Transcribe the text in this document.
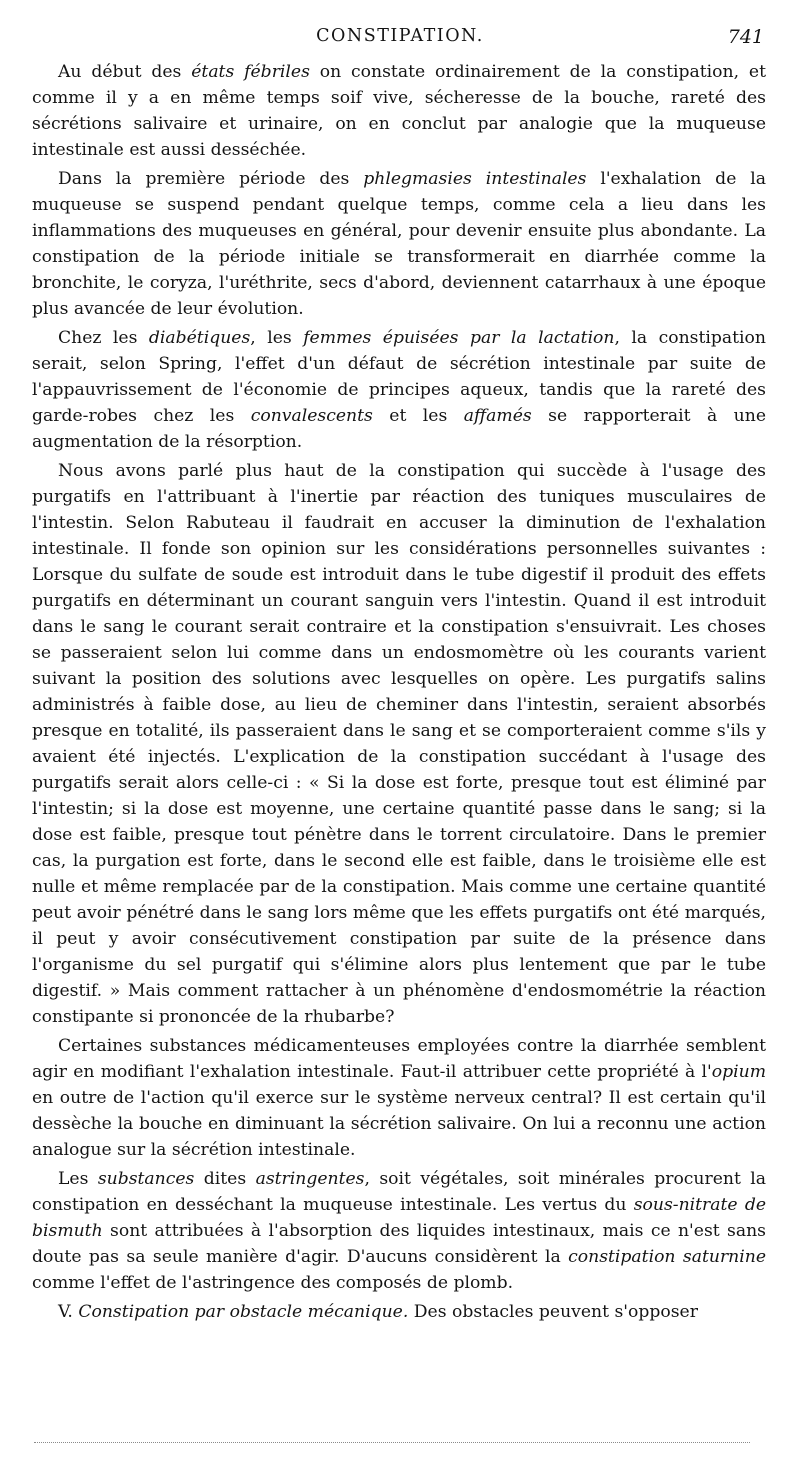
CONSTIPATION.	741

Au début des états fébriles on constate ordinairement de la constipation, et comme il y a en même temps soif vive, sécheresse de la bouche, rareté des sécrétions salivaire et urinaire, on en conclut par analogie que la muqueuse intestinale est aussi desséchée.

Dans la première période des phlegmasies intestinales l'exhalation de la muqueuse se suspend pendant quelque temps, comme cela a lieu dans les inflammations des muqueuses en général, pour devenir ensuite plus abondante. La constipation de la période initiale se transformerait en diarrhée comme la bronchite, le coryza, l'uréthrite, secs d'abord, deviennent catarrhaux à une époque plus avancée de leur évolution.

Chez les diabétiques, les femmes épuisées par la lactation, la constipation serait, selon Spring, l'effet d'un défaut de sécrétion intestinale par suite de l'appauvrissement de l'économie de principes aqueux, tandis que la rareté des garde-robes chez les convalescents et les affamés se rapporterait à une augmentation de la résorption.

Nous avons parlé plus haut de la constipation qui succède à l'usage des purgatifs en l'attribuant à l'inertie par réaction des tuniques musculaires de l'intestin. Selon Rabuteau il faudrait en accuser la diminution de l'exhalation intestinale. Il fonde son opinion sur les considérations personnelles suivantes : Lorsque du sulfate de soude est introduit dans le tube digestif il produit des effets purgatifs en déterminant un courant sanguin vers l'intestin. Quand il est introduit dans le sang le courant serait contraire et la constipation s'ensuivrait. Les choses se passeraient selon lui comme dans un endosmomètre où les courants varient suivant la position des solutions avec lesquelles on opère. Les purgatifs salins administrés à faible dose, au lieu de cheminer dans l'intestin, seraient absorbés presque en totalité, ils passeraient dans le sang et se comporteraient comme s'ils y avaient été injectés. L'explication de la constipation succédant à l'usage des purgatifs serait alors celle-ci : « Si la dose est forte, presque tout est éliminé par l'intestin; si la dose est moyenne, une certaine quantité passe dans le sang; si la dose est faible, presque tout pénètre dans le torrent circulatoire. Dans le premier cas, la purgation est forte, dans le second elle est faible, dans le troisième elle est nulle et même remplacée par de la constipation. Mais comme une certaine quantité peut avoir pénétré dans le sang lors même que les effets purgatifs ont été marqués, il peut y avoir consécutivement constipation par suite de la présence dans l'organisme du sel purgatif qui s'élimine alors plus lentement que par le tube digestif. » Mais comment rattacher à un phénomène d'endosmométrie la réaction constipante si prononcée de la rhubarbe?

Certaines substances médicamenteuses employées contre la diarrhée semblent agir en modifiant l'exhalation intestinale. Faut-il attribuer cette propriété à l'opium en outre de l'action qu'il exerce sur le système nerveux central? Il est certain qu'il dessèche la bouche en diminuant la sécrétion salivaire. On lui a reconnu une action analogue sur la sécrétion intestinale.

Les substances dites astringentes, soit végétales, soit minérales procurent la constipation en desséchant la muqueuse intestinale. Les vertus du sous-nitrate de bismuth sont attribuées à l'absorption des liquides intestinaux, mais ce n'est sans doute pas sa seule manière d'agir. D'aucuns considèrent la constipation saturnine comme l'effet de l'astringence des composés de plomb.

V. Constipation par obstacle mécanique. Des obstacles peuvent s'opposer
